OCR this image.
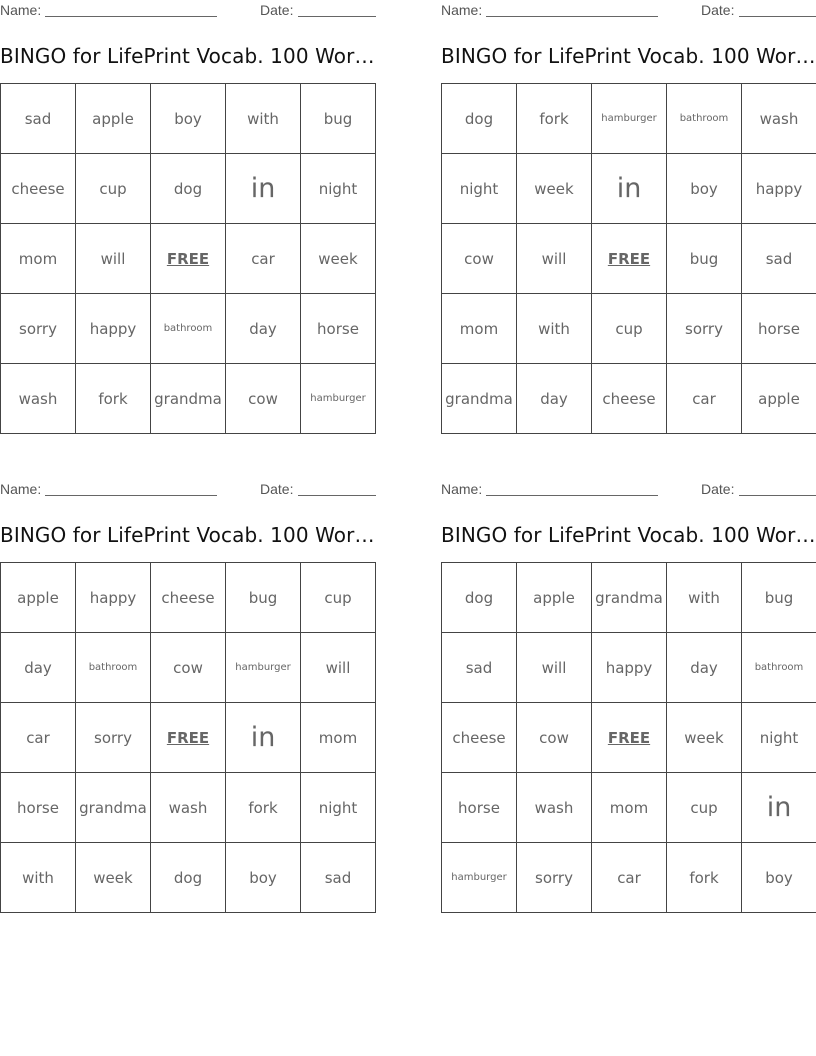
Name:	Date:
BINGO for LifePrint Vocab. 100 Wor…
sad	apple	boy	with	bug
cheese	cup	dog	in	night
mom	will	FREE	car	week
sorry	happy	bathroom	day	horse
wash	fork	grandma	cow	hamburger
Name:	Date:
BINGO for LifePrint Vocab. 100 Wor…
dog	fork	hamburger	bathroom	wash
night	week	in	boy	happy
cow	will	FREE	bug	sad
mom	with	cup	sorry	horse
grandma	day	cheese	car	apple
Name:	Date:
BINGO for LifePrint Vocab. 100 Wor…
apple	happy	cheese	bug	cup
day	bathroom	cow	hamburger	will
car	sorry	FREE	in	mom
horse	grandma	wash	fork	night
with	week	dog	boy	sad
Name:	Date:
BINGO for LifePrint Vocab. 100 Wor…
dog	apple	grandma	with	bug
sad	will	happy	day	bathroom
cheese	cow	FREE	week	night
horse	wash	mom	cup	in
hamburger	sorry	car	fork	boy
